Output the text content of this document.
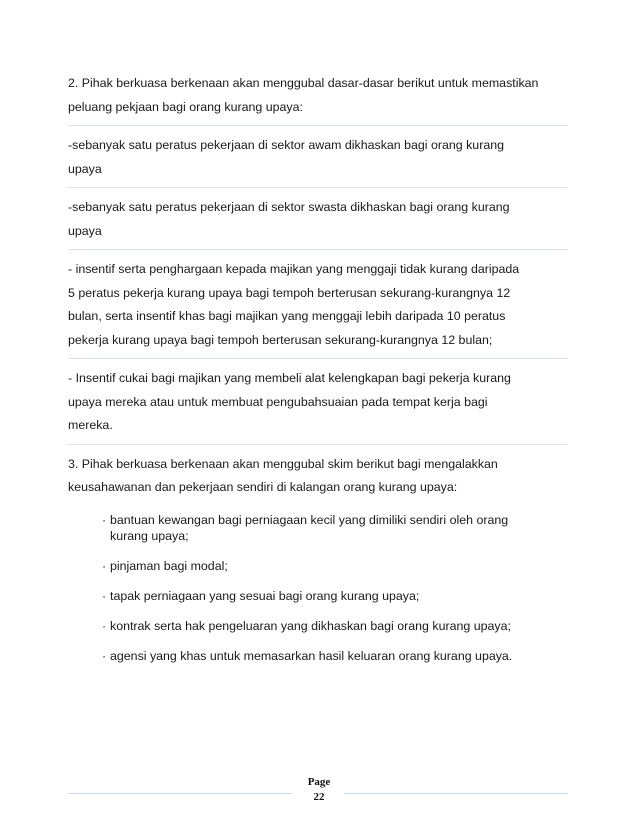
2. Pihak berkuasa berkenaan akan menggubal dasar-dasar berikut untuk memastikan
peluang pekjaan bagi orang kurang upaya:

-sebanyak satu peratus pekerjaan di sektor awam dikhaskan bagi orang kurang
upaya

-sebanyak satu peratus pekerjaan di sektor swasta dikhaskan bagi orang kurang
upaya

- insentif serta penghargaan kepada majikan yang menggaji tidak kurang daripada
5 peratus pekerja kurang upaya bagi tempoh berterusan sekurang-kurangnya 12
bulan, serta insentif khas bagi majikan yang menggaji lebih daripada 10 peratus
pekerja kurang upaya bagi tempoh berterusan sekurang-kurangnya 12 bulan;

- Insentif cukai bagi majikan yang membeli alat kelengkapan bagi pekerja kurang
upaya mereka atau untuk membuat pengubahsuaian pada tempat kerja bagi
mereka.

3. Pihak berkuasa berkenaan akan menggubal skim berikut bagi mengalakkan
keusahawanan dan pekerjaan sendiri di kalangan orang kurang upaya:

· bantuan kewangan bagi perniagaan kecil yang dimiliki sendiri oleh orang
kurang upaya;
· pinjaman bagi modal;
· tapak perniagaan yang sesuai bagi orang kurang upaya;
· kontrak serta hak pengeluaran yang dikhaskan bagi orang kurang upaya;
· agensi yang khas untuk memasarkan hasil keluaran orang kurang upaya.
Page
22
